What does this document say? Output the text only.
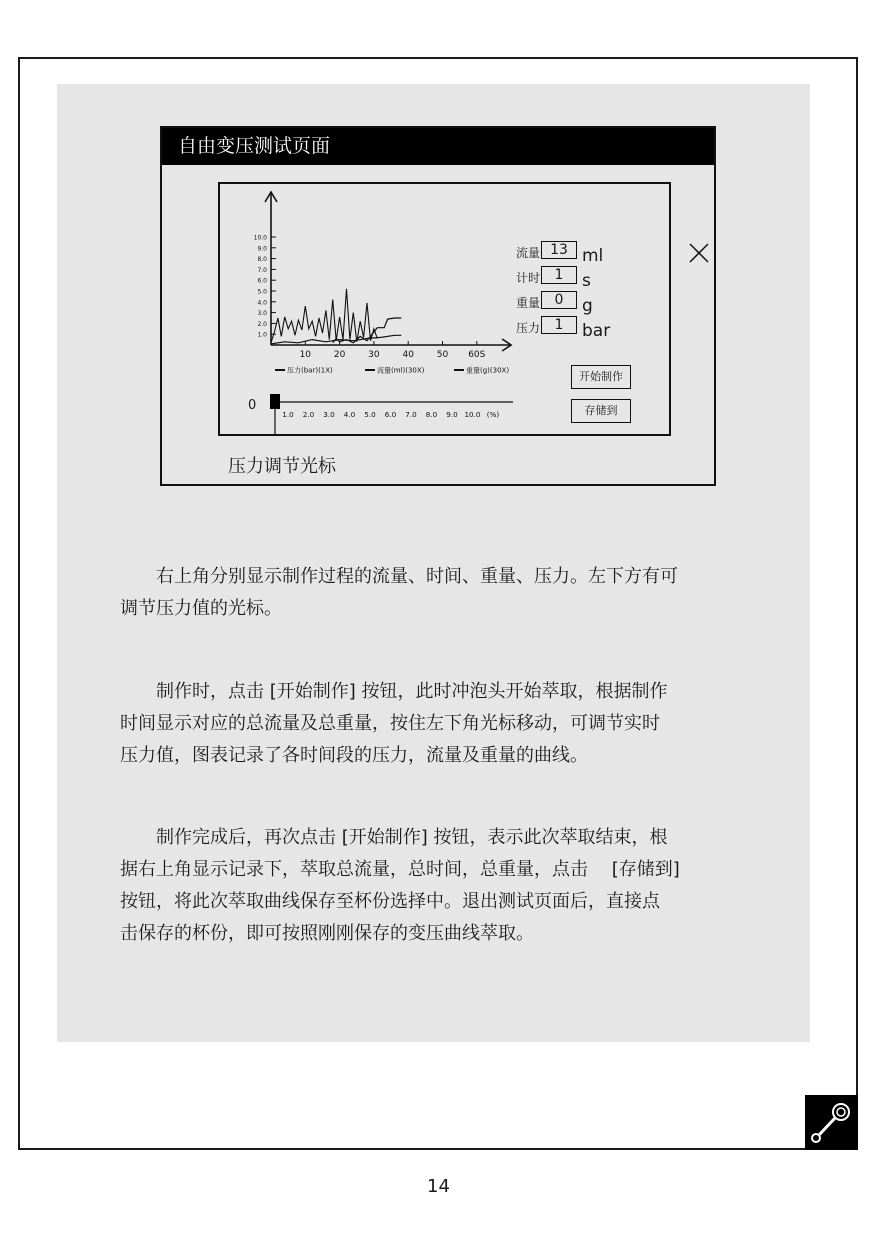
自由变压测试页面
1.0
2.0
3.0
4.0
5.0
6.0
7.0
8.0
9.0
10.0
10	20	30	40	50 60S
压力(bar)(1X)	流量(ml)(30X)	重量(g)(30X)
1.0 2.0 3.0 4.0 5.0 6.0 7.0 8.0 9.0 10.0 (%)
流量 13 ml
计时	1	s
重量	0	g
压力	1	bar
开始制作
存储到
0
压力调节光标
　　右上角分别显示制作过程的流量、时间、重量、压力。左下方有可
调节压力值的光标。
　　制作时，点击 [开始制作] 按钮，此时冲泡头开始萃取，根据制作
时间显示对应的总流量及总重量，按住左下角光标移动，可调节实时
压力值，图表记录了各时间段的压力，流量及重量的曲线。
　　制作完成后，再次点击 [开始制作] 按钮，表示此次萃取结束，根
据右上角显示记录下，萃取总流量，总时间，总重量，点击　 [存储到]
按钮，将此次萃取曲线保存至杯份选择中。退出测试页面后，直接点
击保存的杯份，即可按照刚刚保存的变压曲线萃取。
14
